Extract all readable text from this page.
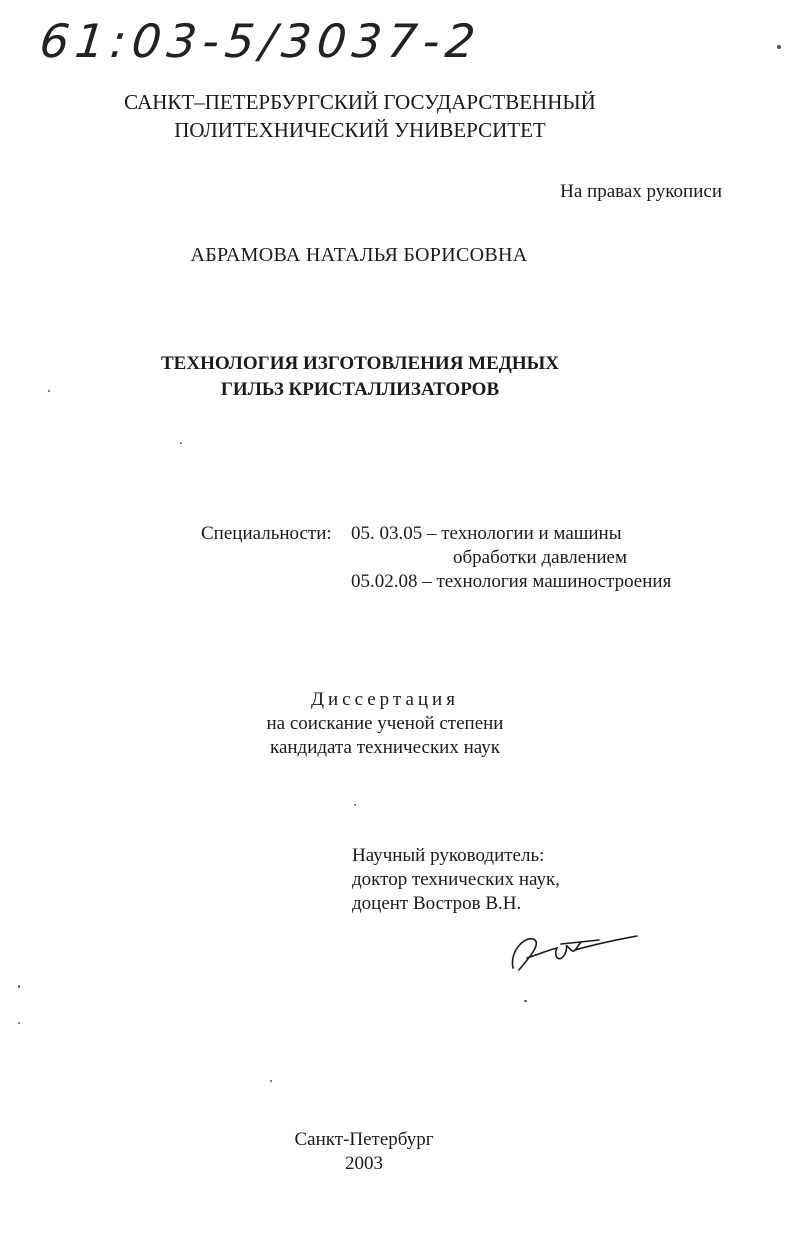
61:03-5/3037-2
САНКТ–ПЕТЕРБУРГСКИЙ ГОСУДАРСТВЕННЫЙ
ПОЛИТЕХНИЧЕСКИЙ УНИВЕРСИТЕТ
На правах рукописи
АБРАМОВА НАТАЛЬЯ БОРИСОВНА
ТЕХНОЛОГИЯ ИЗГОТОВЛЕНИЯ МЕДНЫХ
ГИЛЬЗ КРИСТАЛЛИЗАТОРОВ
Специальности: 05. 03.05 – технологии и машины
обработки давлением
05.02.08 – технология машиностроения
Диссертация
на соискание ученой степени
кандидата технических наук
Научный руководитель:
доктор технических наук,
доцент Востров В.Н.
Санкт-Петербург
2003
